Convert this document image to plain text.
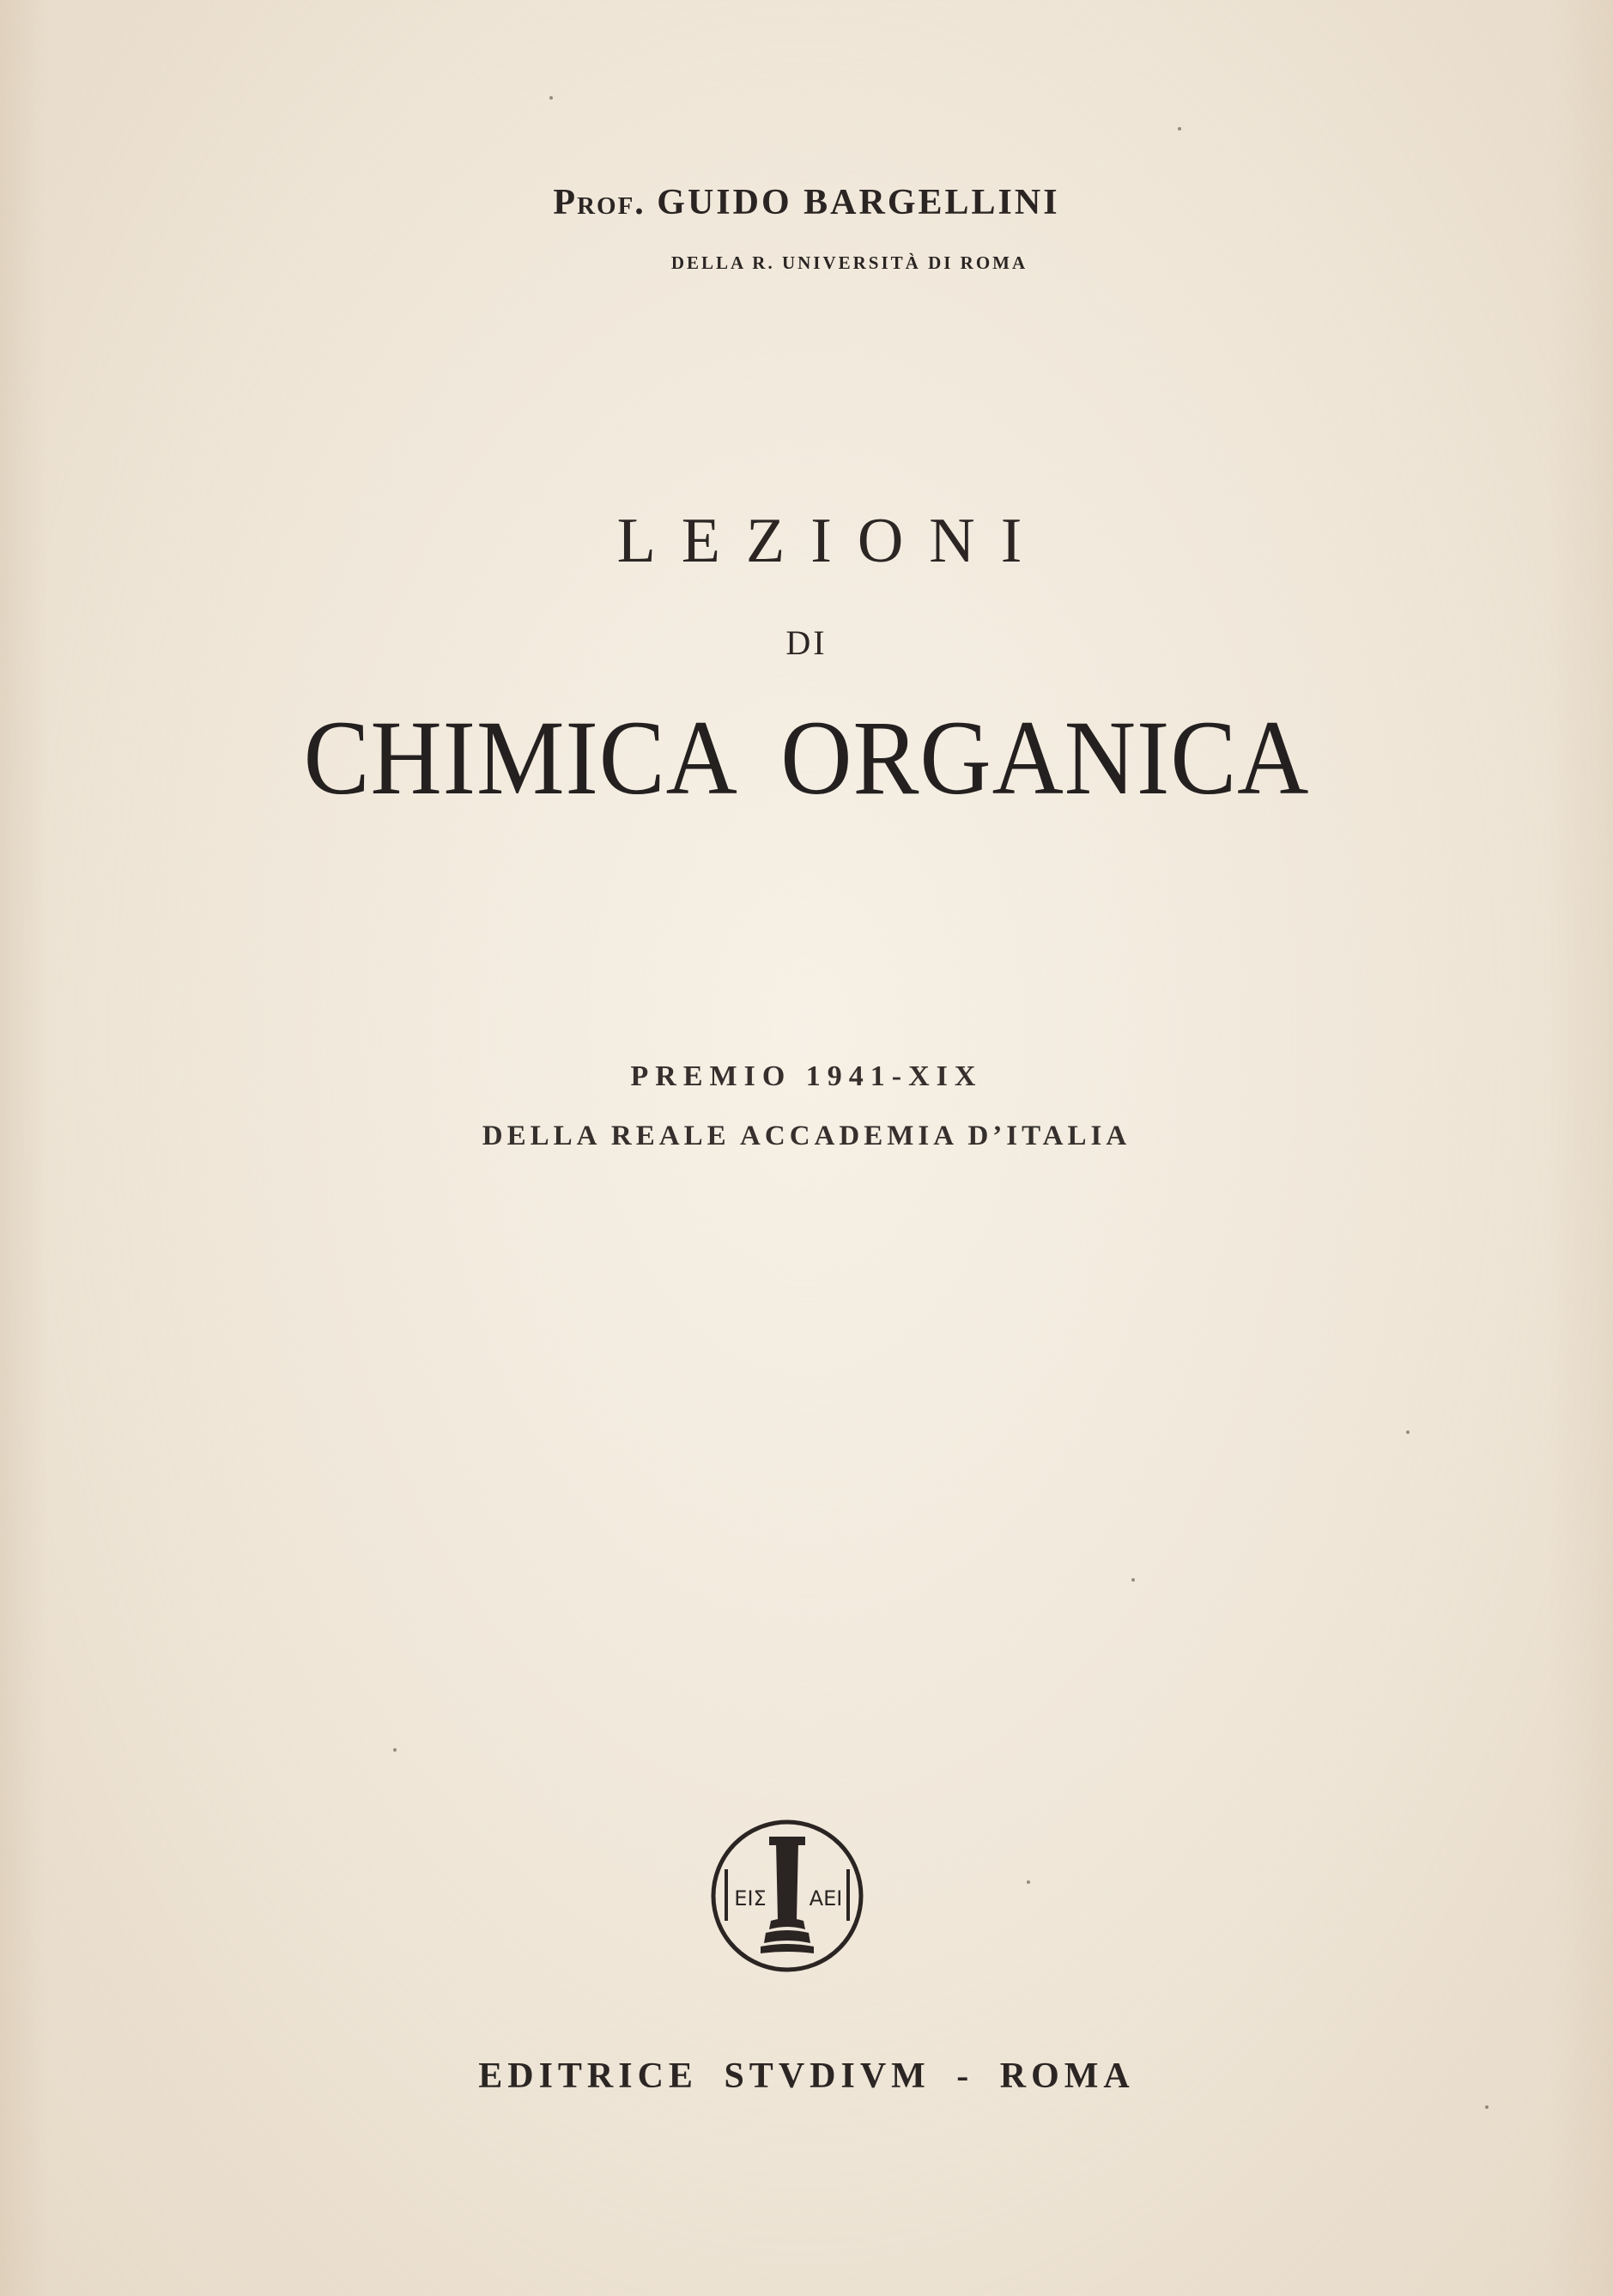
Prof. GUIDO BARGELLINI
DELLA R. UNIVERSITÀ DI ROMA
LEZIONI
DI
CHIMICA ORGANICA
PREMIO 1941-XIX
DELLA REALE ACCADEMIA D’ITALIA
ΕΙΣ ΑΕΙ
EDITRICE STVDIVM - ROMA
